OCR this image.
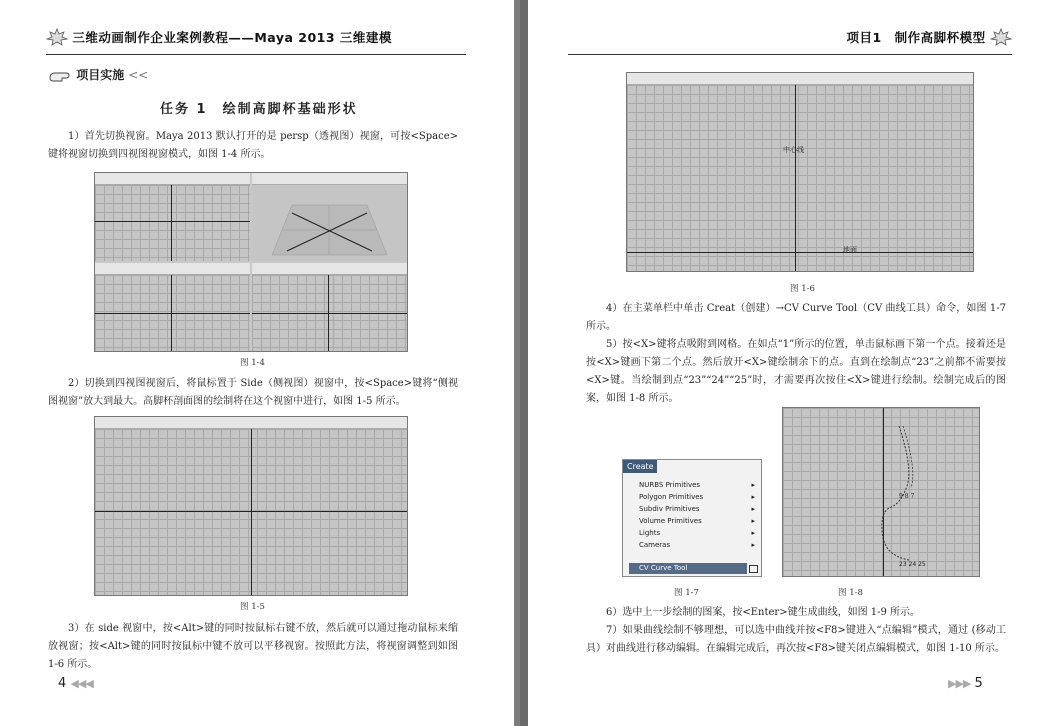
三维动画制作企业案例教程——Maya 2013 三维建模
项目实施 <<
任务 1　绘制高脚杯基础形状
1）首先切换视窗。Maya 2013 默认打开的是 persp（透视图）视窗，可按<Space>键将视窗切换到四视图视窗模式，如图 1-4 所示。
图 1-4
2）切换到四视图视窗后，将鼠标置于 Side（侧视图）视窗中，按<Space>键将“侧视图视窗”放大到最大。高脚杯剖面图的绘制将在这个视窗中进行，如图 1-5 所示。
图 1-5
3）在 side 视窗中，按<Alt>键的同时按鼠标右键不放，然后就可以通过拖动鼠标来缩放视窗；按<Alt>键的同时按鼠标中键不放可以平移视窗。按照此方法，将视窗调整到如图 1-6 所示。
4 ◀◀◀
项目1　制作高脚杯模型
中心线
地面
图 1-6
4）在主菜单栏中单击 Creat（创建）→CV Curve Tool（CV 曲线工具）命令，如图 1-7 所示。
5）按<X>键将点吸附到网格。在如点“1”所示的位置，单击鼠标画下第一个点。接着还是按<X>键画下第二个点。然后放开<X>键绘制余下的点。直到在绘制点“23”之前都不需要按<X>键。当绘制到点“23”“24”“25”时，才需要再次按住<X>键进行绘制。绘制完成后的图案，如图 1-8 所示。
Create
NURBS Primitives	▸
Polygon Primitives	▸
Subdiv Primitives	▸
Volume Primitives	▸
Lights	▸
Cameras	▸
CV Curve Tool
图 1-7
9 8 7
23 24 25
图 1-8
6）选中上一步绘制的图案，按<Enter>键生成曲线，如图 1-9 所示。
7）如果曲线绘制不够理想，可以选中曲线并按<F8>键进入“点编辑”模式，通过 (移动工具）对曲线进行移动编辑。在编辑完成后，再次按<F8>键关闭点编辑模式，如图 1-10 所示。
▶▶▶ 5
